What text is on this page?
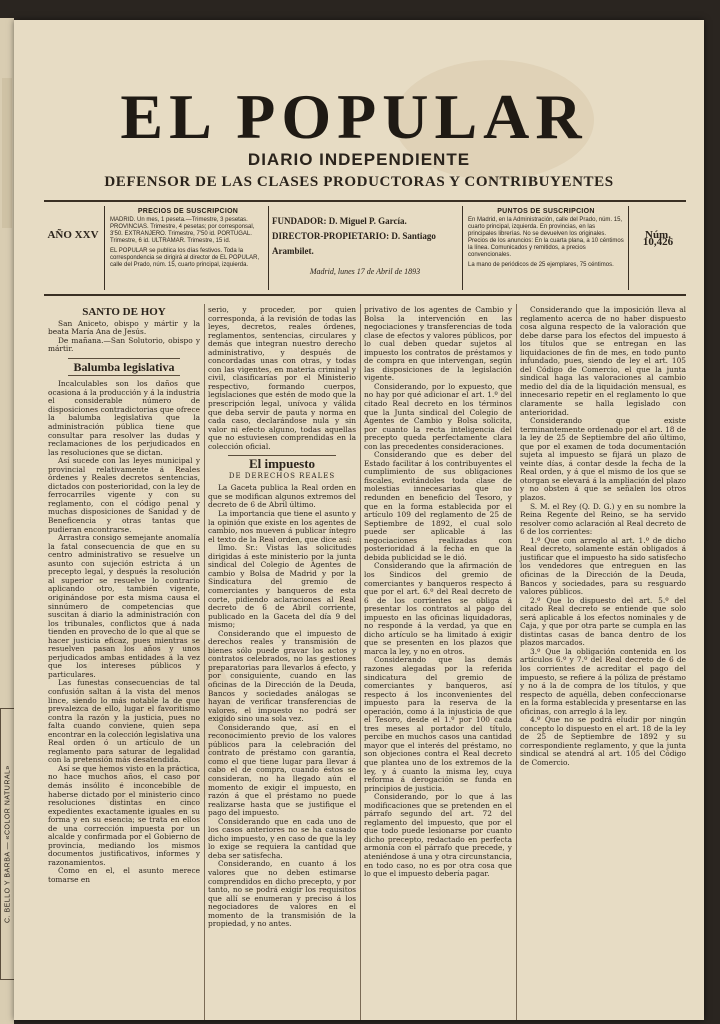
C. BELLO Y BARBA — «COLOR NATURAL»
EL POPULAR
DIARIO INDEPENDIENTE
DEFENSOR DE LAS CLASES PRODUCTORAS Y CONTRIBUYENTES
AÑO XXV
PRECIOS DE SUSCRIPCION
MADRID. Un mes, 1 peseta.—Trimestre, 3 pesetas. PROVINCIAS. Trimestre, 4 pesetas; por corresponsal, 3'50. EXTRANJERO. Trimestre, 7'50 id. PORTUGAL. Trimestre, 6 id. ULTRAMAR. Trimestre, 15 id.
EL POPULAR se publica los días festivos. Toda la correspondencia se dirigirá al director de EL POPULAR, calle del Prado, núm. 15, cuarto principal, izquierda.
FUNDADOR: D. Miguel P. García.
DIRECTOR-PROPIETARIO: D. Santiago Arambilet.
Madrid, lunes 17 de Abril de 1893
PUNTOS DE SUSCRIPCION
En Madrid, en la Administración, calle del Prado, núm. 15, cuarto principal, izquierda. En provincias, en las principales librerías. No se devuelven los originales. Precios de los anuncios: En la cuarta plana, a 10 céntimos la línea. Comunicados y remitidos, a precios convencionales.
La mano de periódicos de 25 ejemplares, 75 céntimos.
Núm. 10,426
SANTO DE HOY

San Aniceto, obispo y mártir y la beata María Ana de Jesús.

De mañana.—San Solutorio, obispo y mártir.

Balumba legislativa

Incalculables son los daños que ocasiona á la producción y á la industria el considerable número de disposiciones contradictorias que ofrece la balumba legislativa que la administración pública tiene que consultar para resolver las dudas y reclamaciones de los perjudicados en las resoluciones que se dictan.

Así sucede con las leyes municipal y provincial relativamente á Reales órdenes y Reales decretos sentencias, dictados con posterioridad, con la ley de ferrocarriles vigente y con su reglamento, con el código penal y muchas disposiciones de Sanidad y de Beneficencia y otras tantas que pudieran encontrarse.

Arrastra consigo semejante anomalía la fatal consecuencia de que en su centro administrativo se resuelve un asunto con sujeción estricta á un precepto legal, y después la resolución al superior se resuelve lo contrario aplicando otro, también vigente, originándose por esta misma causa el sinnúmero de competencias que suscitan á diario la administración con los tribunales, conflictos que á nada tienden en provecho de lo que al que se hacer justicia eficaz, pues mientras se resuelven pasan los años y unos perjudicados ambas entidades á la vez que los intereses públicos y particulares.

Las funestas consecuencias de tal confusión saltan á la vista del menos lince, siendo lo más notable la de que prevalezca de ello, lugar el favoritismo contra la razón y la justicia, pues no falta cuando conviene, quien sepa encontrar en la colección legislativa una Real orden ó un artículo de un reglamento para saturar de legalidad con la pretensión más desatendida.

Así se que hemos visto en la práctica, no hace muchos años, el caso por demás insólito é inconcebible de haberse dictado por el ministerio cinco resoluciones distintas en cinco expedientes exactamente iguales en su forma y en su esencia; se trata en ellos de una corrección impuesta por un alcalde y confirmada por el Gobierno de provincia, mediando los mismos documentos justificativos, informes y razonamientos.

Como en el, el asunto merece tomarse en

serio, y proceder, por quien corresponda, á la revisión de todas las leyes, decretos, reales órdenes, reglamentos, sentencias, circulares y demás que integran nuestro derecho administrativo, y después de concordadas unas con otras, y todas con las vigentes, en materia criminal y civil, clasificarías por el Ministerio respectivo, formando cuerpos, legislaciones que estén de modo que la prescripción legal, unívoca y válida que deba servir de pauta y norma en cada caso, declarándose nula y sin valor ni efecto alguno, todas aquellas que no estuviesen comprendidas en la colección oficial.

El impuesto
DE DERECHOS REALES

La Gaceta publica la Real orden en que se modifican algunos extremos del decreto de 6 de Abril último.

La importancia que tiene el asunto y la opinión que existe en los agentes de cambio, nos mueven á publicar íntegro el texto de la Real orden, que dice así:

Ilmo. Sr.: Vistas las solicitudes dirigidas á este ministerio por la junta sindical del Colegio de Agentes de cambio y Bolsa de Madrid y por la Sindicatura del gremio de comerciantes y banqueros de esta corte, pidiendo aclaraciones al Real decreto de 6 de Abril corriente, publicado en la Gaceta del día 9 del mismo;

Considerando que el impuesto de derechos reales y transmisión de bienes sólo puede gravar los actos y contratos celebrados, no las gestiones preparatorias para llevarlos á efecto, y por consiguiente, cuando en las oficinas de la Dirección de la Deuda, Bancos y sociedades análogas se hayan de verificar transferencias de valores, el impuesto no podrá ser exigido sino una sola vez.

Considerando que, así en el reconocimiento previo de los valores públicos para la celebración del contrato de préstamo con garantía, como el que tiene lugar para llevar á cabo el de compra, cuando éstos se consideran, no ha llegado aún el momento de exigir el impuesto, en razón á que el préstamo no puede realizarse hasta que se justifique el pago del impuesto.

Considerando que en cada uno de los casos anteriores no se ha causado dicho impuesto, y en caso de que la ley lo exige se requiera la cantidad que deba ser satisfecha.

Considerando, en cuanto á los valores que no deben estimarse comprendidos en dicho precepto, y por tanto, no se podrá exigir los requisitos que allí se enumeran y preciso á los negociadores de valores en el momento de la transmisión de la propiedad, y no antes.

privativo de los agentes de Cambio y Bolsa la intervención en las negociaciones y transferencias de toda clase de efectos y valores públicos, por lo cual deben quedar sujetos al impuesto los contratos de préstamos y de compra en que intervengan, según las disposiciones de la legislación vigente.

Considerando, por lo expuesto, que no hay por qué adicionar el art. 1.º del citado Real decreto en los términos que la Junta sindical del Colegio de Agentes de Cambio y Bolsa solicita, por cuanto la recta inteligencia del precepto queda perfectamente clara con las precedentes consideraciones.

Considerando que es deber del Estado facilitar á los contribuyentes el cumplimiento de sus obligaciones fiscales, evitándoles toda clase de molestias innecesarias que no redunden en beneficio del Tesoro, y que en la forma establecida por el artículo 109 del reglamento de 25 de Septiembre de 1892, el cual solo puede ser aplicable á las negociaciones realizadas con posterioridad á la fecha en que la debida publicidad se le dió.

Considerando que la afirmación de los Sindicos del gremio de comerciantes y banqueros respecto á que por el art. 6.º del Real decreto de 6 de los corrientes se obliga á presentar los contratos al pago del impuesto en las oficinas liquidadoras, no responde á la verdad, ya que en dicho artículo se ha limitado á exigir que se presenten en los plazos que marca la ley, y no en otros.

Considerando que las demás razones alegadas por la referida sindicatura del gremio de comerciantes y banqueros, así respecto á los inconvenientes del impuesto para la reserva de la operación, como á la injusticia de que el Tesoro, desde el 1.º por 100 cada tres meses al portador del título, percibe en muchos casos una cantidad mayor que el interés del préstamo, no son objeciones contra el Real decreto que plantea uno de los extremos de la ley, y á cuanto la misma ley, cuya reforma á derogación se funda en principios de justicia.

Considerando, por lo que á las modificaciones que se pretenden en el párrafo segundo del art. 72 del reglamento del impuesto, que por el que todo puede lesionarse por cuanto dicho precepto, redactado en perfecta armonía con el párrafo que precede, y ateniéndose á una y otra circunstancia, en todo caso, no es por otra cosa que lo que el impuesto debería pagar.

Considerando que la imposición lleva al reglamento acerca de no haber dispuesto cosa alguna respecto de la valoración que debe darse para los efectos del impuesto á los títulos que se entregan en las liquidaciones de fin de mes, en todo punto infundado, pues, siendo de ley el art. 105 del Código de Comercio, el que la junta sindical haga las valoraciones al cambio medio del día de la liquidación mensual, es innecesario repetir en el reglamento lo que claramente se halla legislado con anterioridad.

Considerando que existe terminantemente ordenado por el art. 18 de la ley de 25 de Septiembre del año último, que por el examen de toda documentación sujeta al impuesto se fijará un plazo de veinte días, á contar desde la fecha de la Real orden, y á que el mismo de los que se otorgan se elevará á la ampliación del plazo y no obsten á que se señalen los otros plazos.

S. M. el Rey (Q. D. G.) y en su nombre la Reina Regente del Reino, se ha servido resolver como aclaración al Real decreto de 6 de los corrientes:

1.º Que con arreglo al art. 1.º de dicho Real decreto, solamente están obligados á justificar que el impuesto ha sido satisfecho los vendedores que entreguen en las oficinas de la Dirección de la Deuda, Bancos y sociedades, para su resguardo valores públicos.

2.º Que lo dispuesto del art. 5.º del citado Real decreto se entiende que solo será aplicable á los efectos nominales y de Caja, y que por otra parte se cumpla en las distintas casas de banca dentro de los plazos marcados.

3.º Que la obligación contenida en los artículos 6.º y 7.º del Real decreto de 6 de los corrientes de acreditar el pago del impuesto, se refiere á la póliza de préstamo y no á la de compra de los títulos, y que respecto de aquélla, deben confeccionarse en la forma establecida y presentarse en las oficinas, con arreglo á la ley.

4.º Que no se podrá eludir por ningún concepto lo dispuesto en el art. 18 de la ley de 25 de Septiembre de 1892 y su correspondiente reglamento, y que la junta sindical se atendrá al art. 105 del Código de Comercio.
